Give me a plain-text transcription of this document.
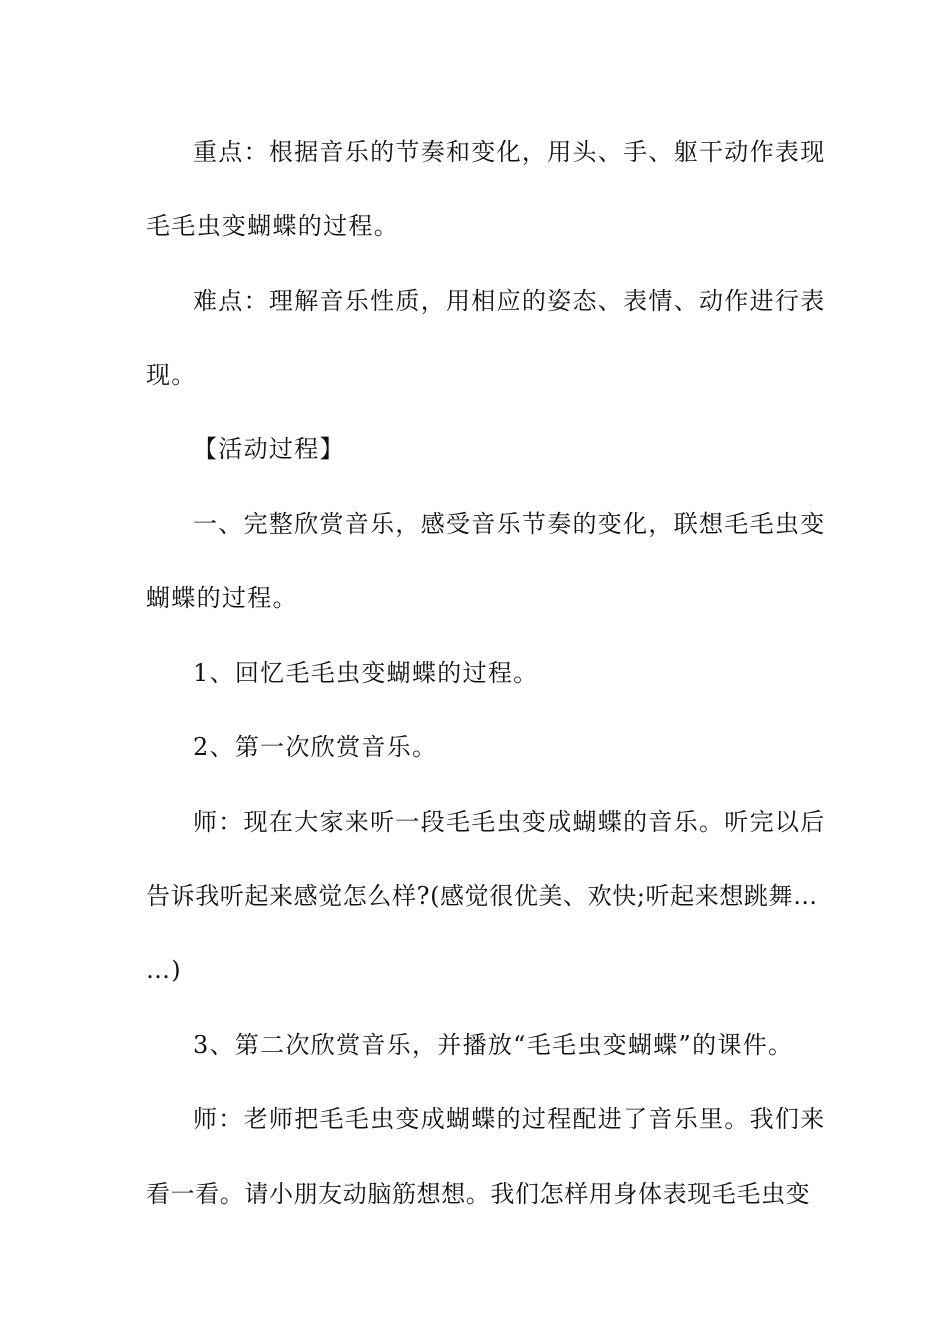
重点：根据音乐的节奏和变化，用头、手、躯干动作表现
毛毛虫变蝴蝶的过程。
难点：理解音乐性质，用相应的姿态、表情、动作进行表
现。
【活动过程】
一、完整欣赏音乐，感受音乐节奏的变化，联想毛毛虫变
蝴蝶的过程。
1、回忆毛毛虫变蝴蝶的过程。
2、第一次欣赏音乐。
师：现在大家来听一段毛毛虫变成蝴蝶的音乐。听完以后
告诉我听起来感觉怎么样?(感觉很优美、欢快;听起来想跳舞…
…)
3、第二次欣赏音乐，并播放“毛毛虫变蝴蝶”的课件。
师：老师把毛毛虫变成蝴蝶的过程配进了音乐里。我们来
看一看。请小朋友动脑筋想想。我们怎样用身体表现毛毛虫变
